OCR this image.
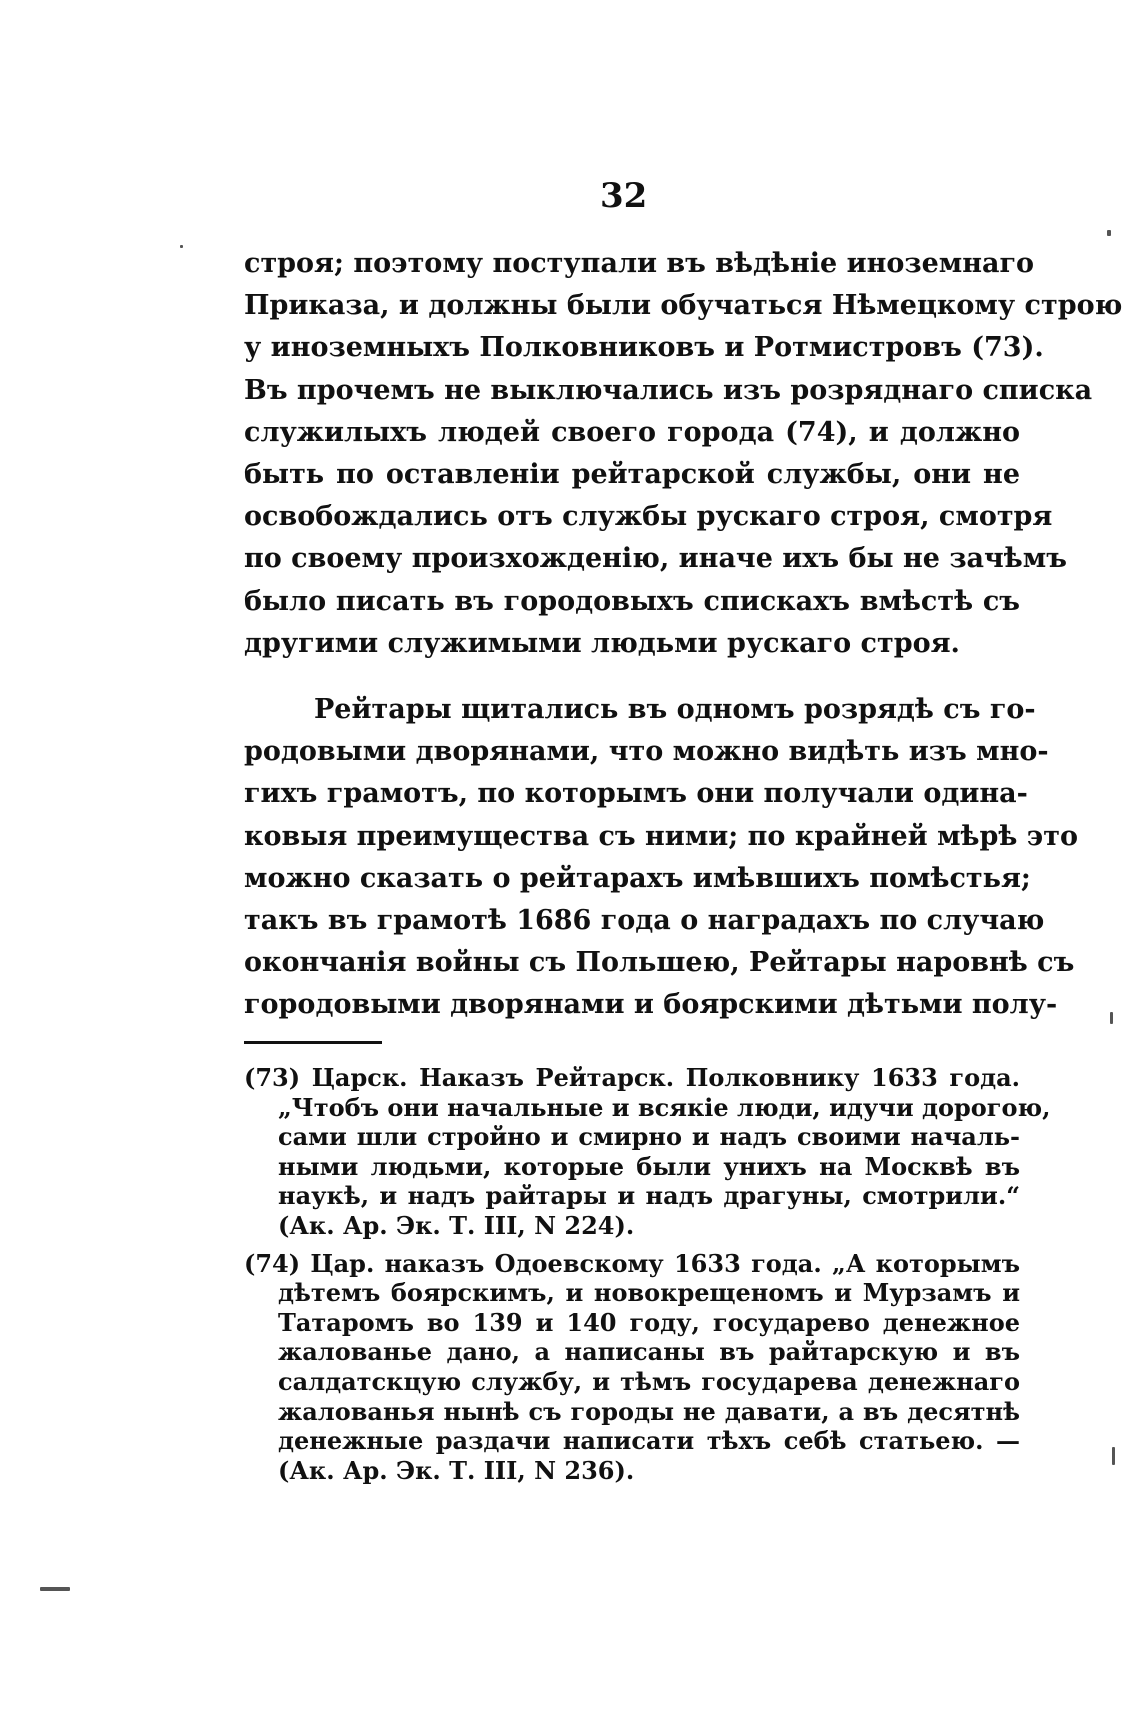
32

строя; поэтому поступали въ вѣдѣніе иноземнаго
Приказа, и должны были обучаться Нѣмецкому строю
у иноземныхъ Полковниковъ и Ротмистровъ (73).
Въ прочемъ не выключались изъ розряднаго списка
служилыхъ людей своего города (74), и должно
быть по оставленіи рейтарской службы, они не
освобождались отъ службы рускаго строя, смотря
по своему произхожденію, иначе ихъ бы не зачѣмъ
было писать въ городовыхъ спискахъ вмѣстѣ съ
другими служимыми людьми рускаго строя.

Рейтары щитались въ одномъ розрядѣ съ го-
родовыми дворянами, что можно видѣть изъ мно-
гихъ грамотъ, по которымъ они получали одина-
ковыя преимущества съ ними; по крайней мѣрѣ это
можно сказать о рейтарахъ имѣвшихъ помѣстья;
такъ въ грамотѣ 1686 года о наградахъ по случаю
окончанія войны съ Польшею, Рейтары наровнѣ съ
городовыми дворянами и боярскими дѣтьми полу-

(73) Царск. Наказъ Рейтарск. Полковнику 1633 года.
„Чтобъ они начальные и всякіе люди, идучи дорогою,
сами шли стройно и смирно и надъ своими началь-
ными людьми, которые были унихъ на Москвѣ въ
наукѣ, и надъ райтары и надъ драгуны, смотрили.“
(Ак. Ар. Эк. Т. III, N 224).

(74) Цар. наказъ Одоевскому 1633 года. „А которымъ
дѣтемъ боярскимъ, и новокрещеномъ и Мурзамъ и
Татаромъ во 139 и 140 году, государево денежное
жалованье дано, а написаны въ райтарскую и въ
салдатскцую службу, и тѣмъ государева денежнаго
жалованья нынѣ съ городы не давати, а въ десятнѣ
денежные раздачи написати тѣхъ себѣ статьею. —
(Ак. Ар. Эк. Т. III, N 236).
